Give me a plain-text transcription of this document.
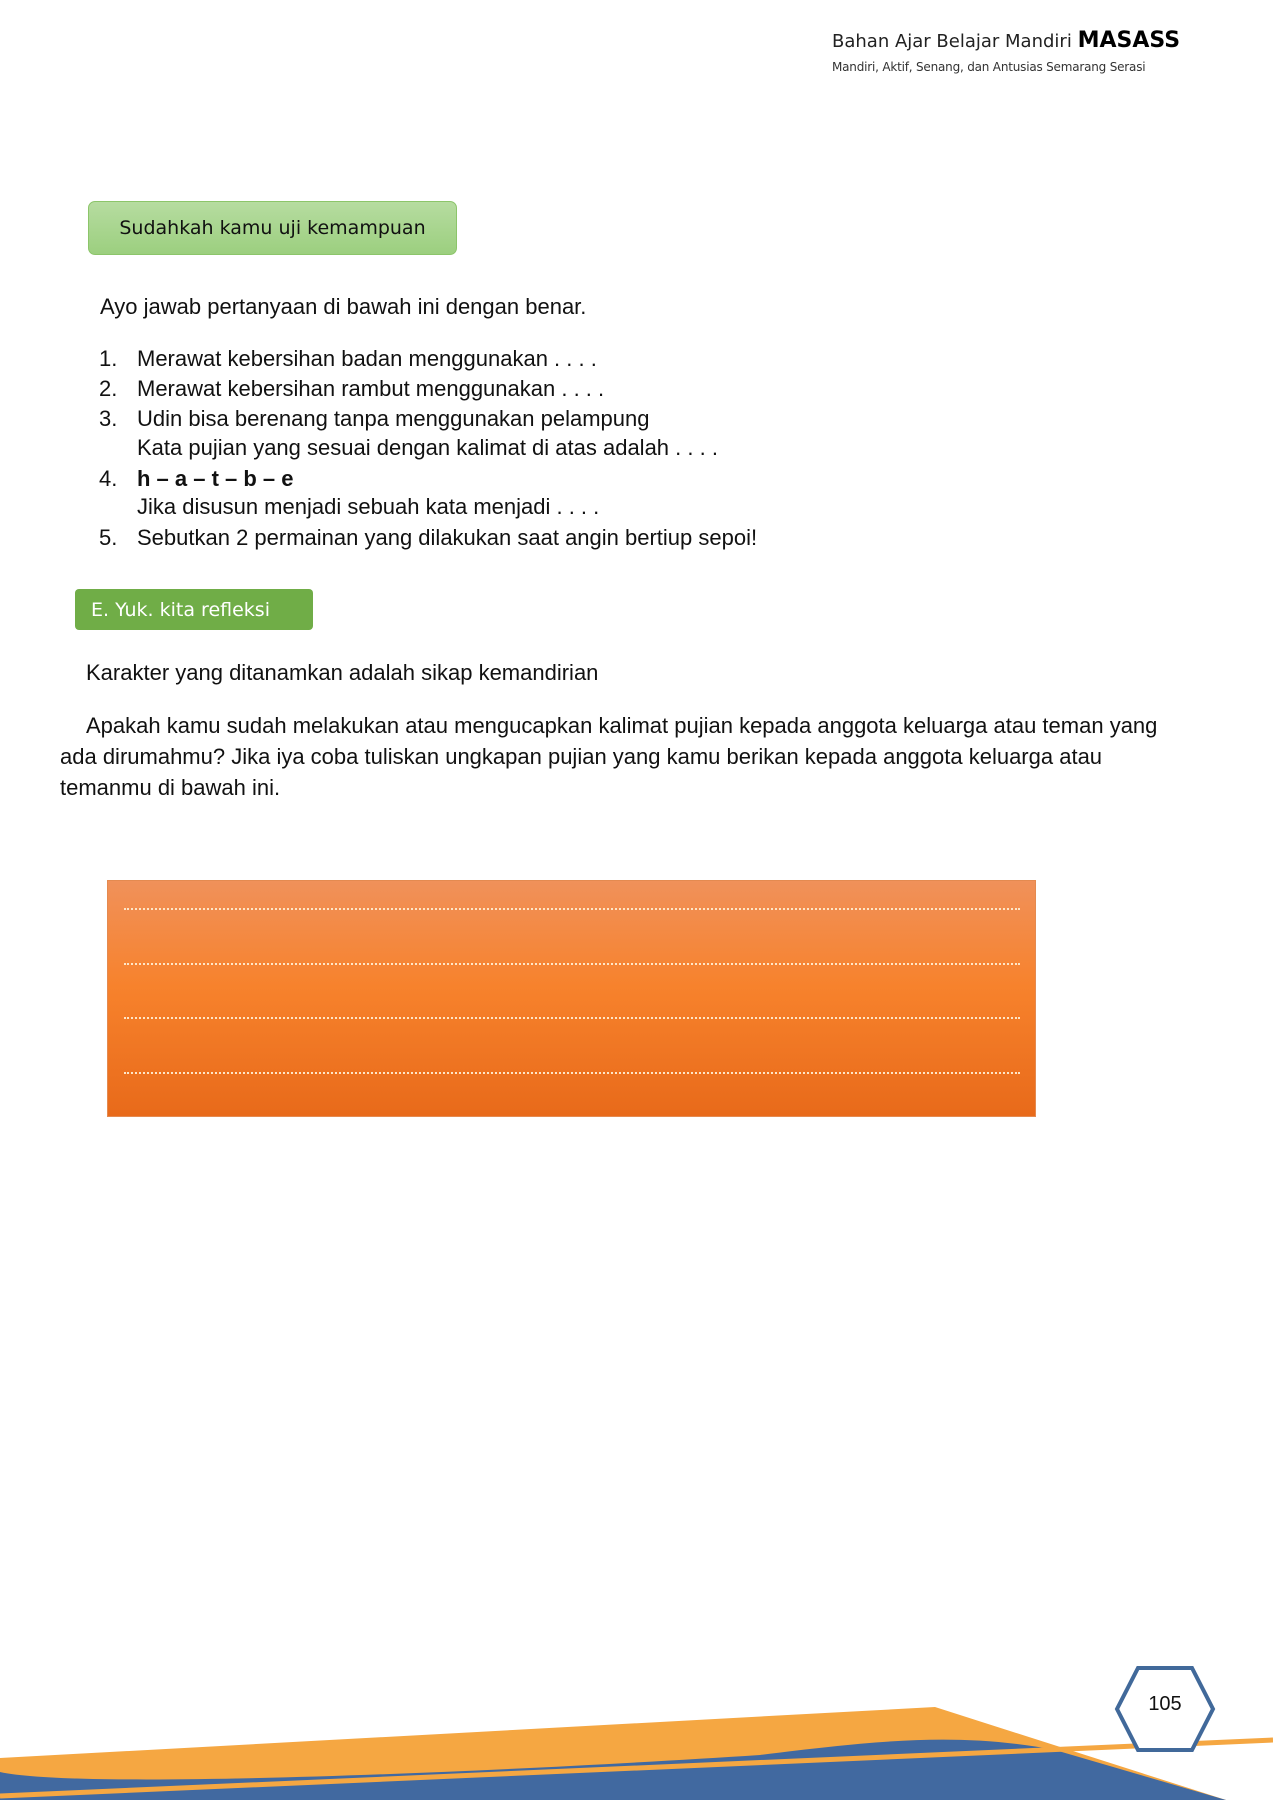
Bahan Ajar Belajar Mandiri MASASS
Mandiri, Aktif, Senang, dan Antusias Semarang Serasi
Sudahkah kamu uji kemampuan
Ayo jawab pertanyaan di bawah ini dengan benar.
1. Merawat kebersihan badan menggunakan . . . .
2. Merawat kebersihan rambut menggunakan . . . .
3. Udin bisa berenang tanpa menggunakan pelampung
Kata pujian yang sesuai dengan kalimat di atas adalah . . . .
4. h – a – t – b – e
Jika disusun menjadi sebuah kata menjadi . . . .
5. Sebutkan 2 permainan yang dilakukan saat angin bertiup sepoi!
E. Yuk. kita refleksi
Karakter yang ditanamkan adalah sikap kemandirian
Apakah kamu sudah melakukan atau mengucapkan kalimat pujian kepada anggota keluarga atau teman yang ada dirumahmu? Jika iya coba tuliskan ungkapan pujian yang kamu berikan kepada anggota keluarga atau temanmu di bawah ini.
105
